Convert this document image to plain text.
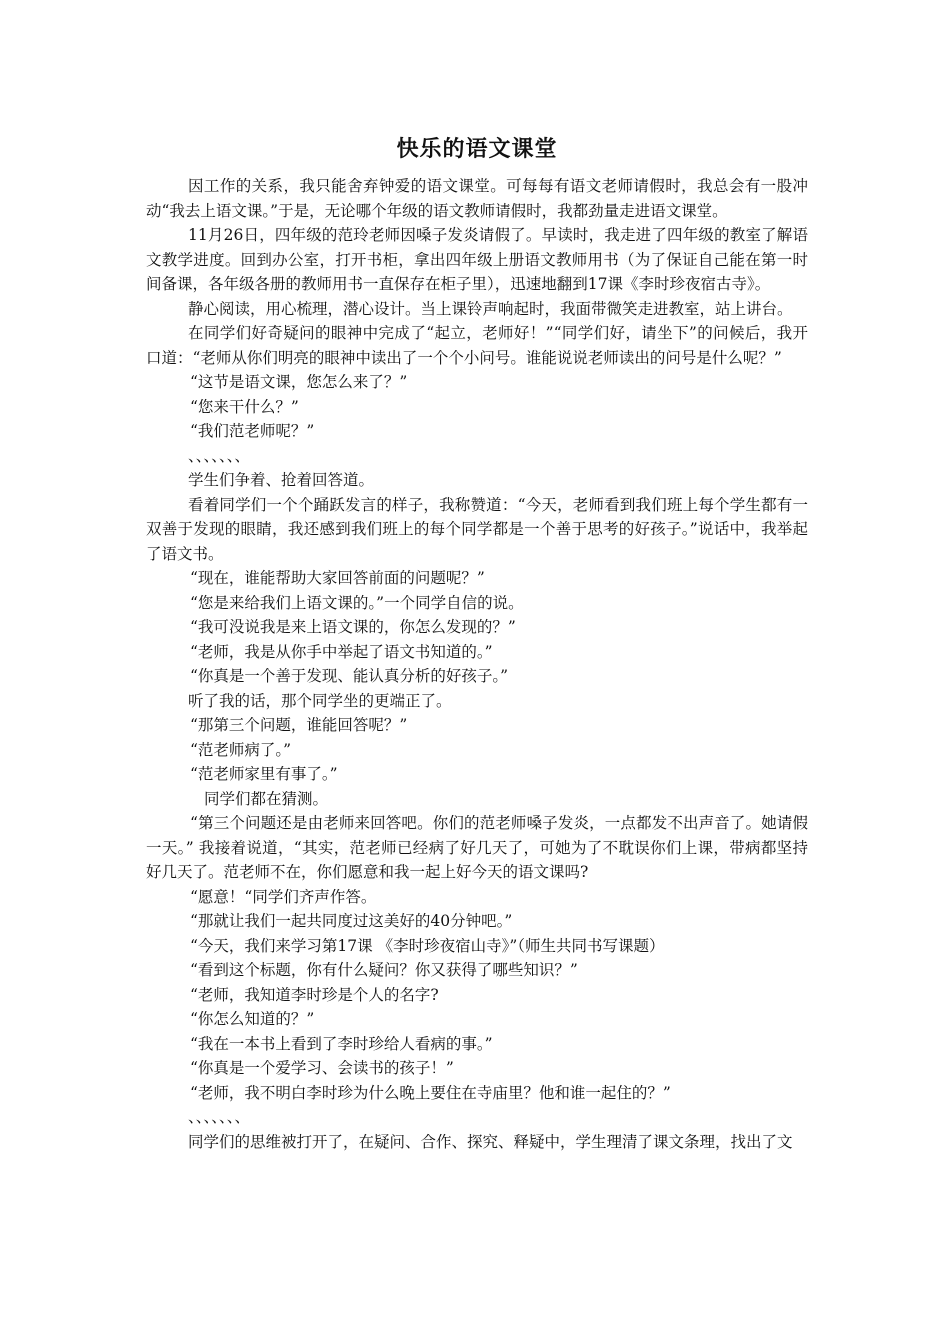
快乐的语文课堂

因工作的关系，我只能舍弃钟爱的语文课堂。可每每有语文老师请假时，我总会有一股冲动“我去上语文课。”于是，无论哪个年级的语文教师请假时，我都劲量走进语文课堂。

11月26日，四年级的范玲老师因嗓子发炎请假了。早读时，我走进了四年级的教室了解语文教学进度。回到办公室，打开书柜，拿出四年级上册语文教师用书（为了保证自己能在第一时间备课，各年级各册的教师用书一直保存在柜子里），迅速地翻到17课《李时珍夜宿古寺》。

静心阅读，用心梳理，潜心设计。当上课铃声响起时，我面带微笑走进教室，站上讲台。

在同学们好奇疑问的眼神中完成了“起立，老师好！”“同学们好，请坐下”的问候后，我开口道：“老师从你们明亮的眼神中读出了一个个小问号。谁能说说老师读出的问号是什么呢？”

“这节是语文课，您怎么来了？”

“您来干什么？”

“我们范老师呢？”

、、、、、、、

学生们争着、抢着回答道。

看着同学们一个个踊跃发言的样子，我称赞道：“今天，老师看到我们班上每个学生都有一双善于发现的眼睛，我还感到我们班上的每个同学都是一个善于思考的好孩子。”说话中，我举起了语文书。

“现在，谁能帮助大家回答前面的问题呢？”

“您是来给我们上语文课的。”一个同学自信的说。

“我可没说我是来上语文课的，你怎么发现的？”

“老师，我是从你手中举起了语文书知道的。”

“你真是一个善于发现、能认真分析的好孩子。”

听了我的话，那个同学坐的更端正了。

“那第三个问题，谁能回答呢？”

“范老师病了。”

“范老师家里有事了。”

同学们都在猜测。

“第三个问题还是由老师来回答吧。你们的范老师嗓子发炎，一点都发不出声音了。她请假一天。” 我接着说道，“其实，范老师已经病了好几天了，可她为了不耽误你们上课，带病都坚持好几天了。范老师不在，你们愿意和我一起上好今天的语文课吗?

“愿意！“同学们齐声作答。

“那就让我们一起共同度过这美好的40分钟吧。”

“今天，我们来学习第17课 《李时珍夜宿山寺》”（师生共同书写课题）

“看到这个标题，你有什么疑问？你又获得了哪些知识？”

“老师，我知道李时珍是个人的名字?

“你怎么知道的？”

“我在一本书上看到了李时珍给人看病的事。”

“你真是一个爱学习、会读书的孩子！”

“老师，我不明白李时珍为什么晚上要住在寺庙里？他和谁一起住的？”

、、、、、、、

同学们的思维被打开了，在疑问、合作、探究、释疑中，学生理清了课文条理，找出了文
